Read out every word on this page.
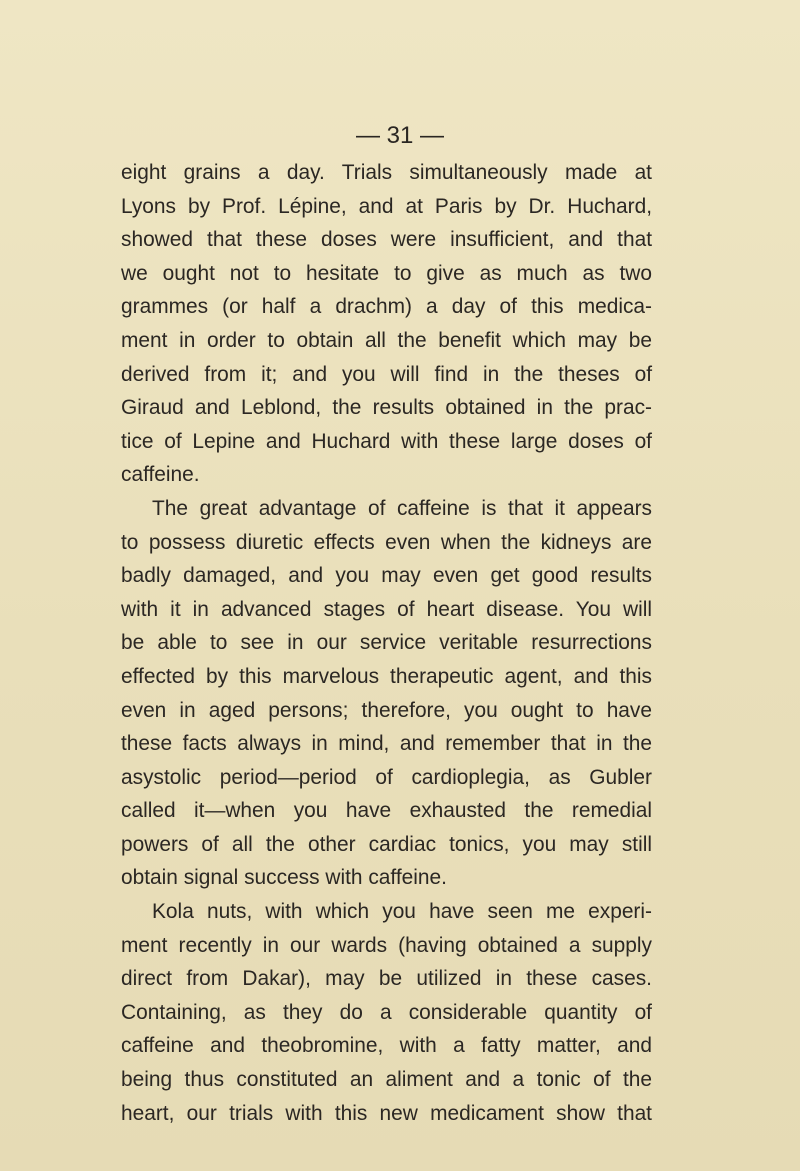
— 31 —
eight grains a day. Trials simultaneously made at
Lyons by Prof. Lépine, and at Paris by Dr. Huchard,
showed that these doses were insufficient, and that
we ought not to hesitate to give as much as two
grammes (or half a drachm) a day of this medica-
ment in order to obtain all the benefit which may be
derived from it; and you will find in the theses of
Giraud and Leblond, the results obtained in the prac-
tice of Lepine and Huchard with these large doses of
caffeine.
The great advantage of caffeine is that it appears
to possess diuretic effects even when the kidneys are
badly damaged, and you may even get good results
with it in advanced stages of heart disease. You will
be able to see in our service veritable resurrections
effected by this marvelous therapeutic agent, and this
even in aged persons; therefore, you ought to have
these facts always in mind, and remember that in the
asystolic period—period of cardioplegia, as Gubler
called it—when you have exhausted the remedial
powers of all the other cardiac tonics, you may still
obtain signal success with caffeine.
Kola nuts, with which you have seen me experi-
ment recently in our wards (having obtained a supply
direct from Dakar), may be utilized in these cases.
Containing, as they do a considerable quantity of
caffeine and theobromine, with a fatty matter, and
being thus constituted an aliment and a tonic of the
heart, our trials with this new medicament show that
